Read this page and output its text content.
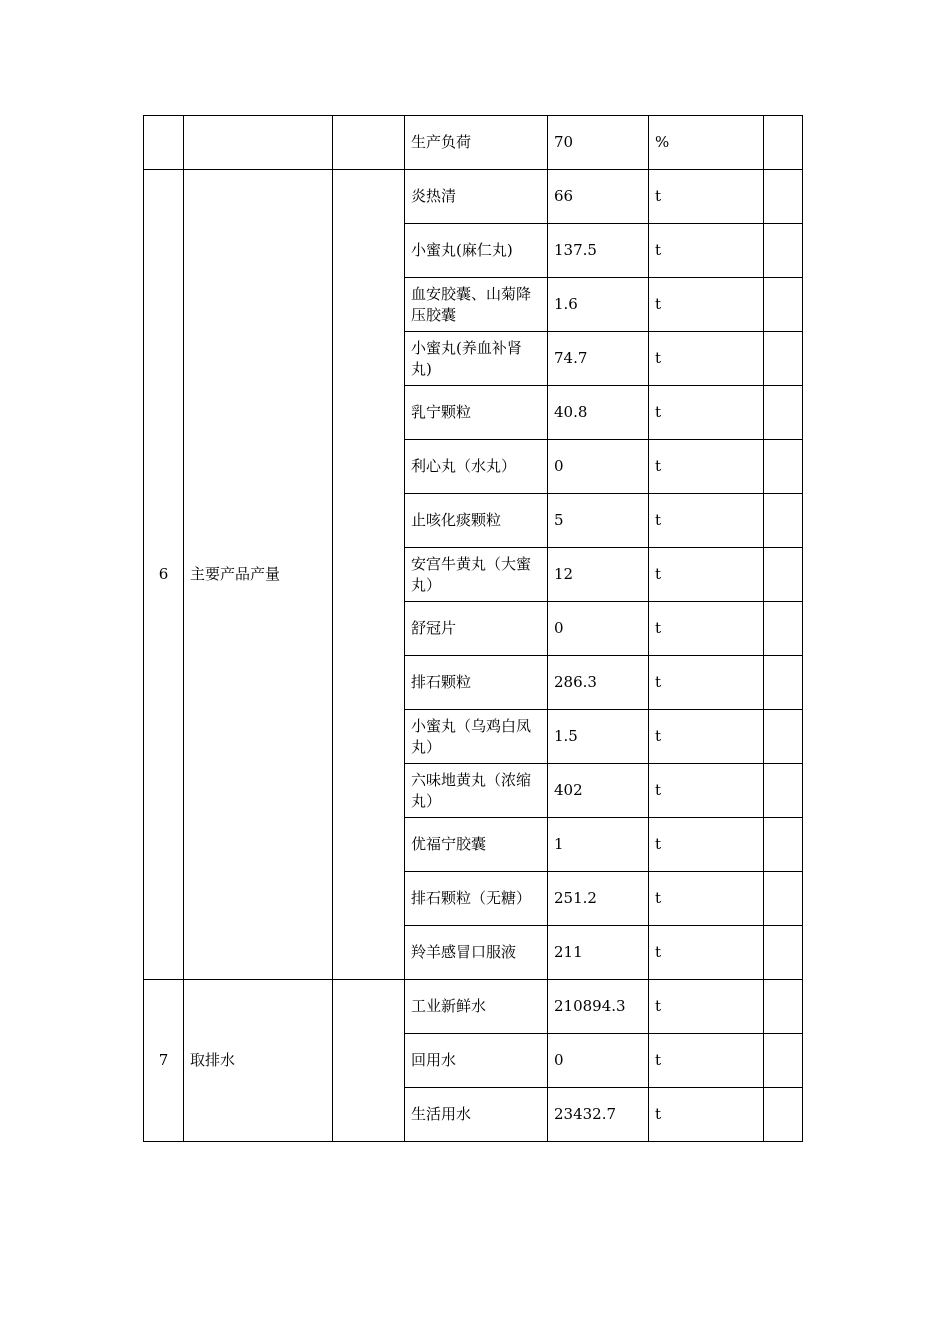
			生产负荷	70	%	
6	主要产品产量		炎热清	66	t	
			小蜜丸(麻仁丸)	137.5	t	
			血安胶囊、山菊降压胶囊	1.6	t	
			小蜜丸(养血补肾丸)	74.7	t	
			乳宁颗粒	40.8	t	
			利心丸（水丸）	0	t	
			止咳化痰颗粒	5	t	
			安宫牛黄丸（大蜜丸）	12	t	
			舒冠片	0	t	
			排石颗粒	286.3	t	
			小蜜丸（乌鸡白凤丸）	1.5	t	
			六味地黄丸（浓缩丸）	402	t	
			优福宁胶囊	1	t	
			排石颗粒（无糖）	251.2	t	
			羚羊感冒口服液	211	t	
7	取排水		工业新鲜水	210894.3	t	
			回用水	0	t	
			生活用水	23432.7	t	
